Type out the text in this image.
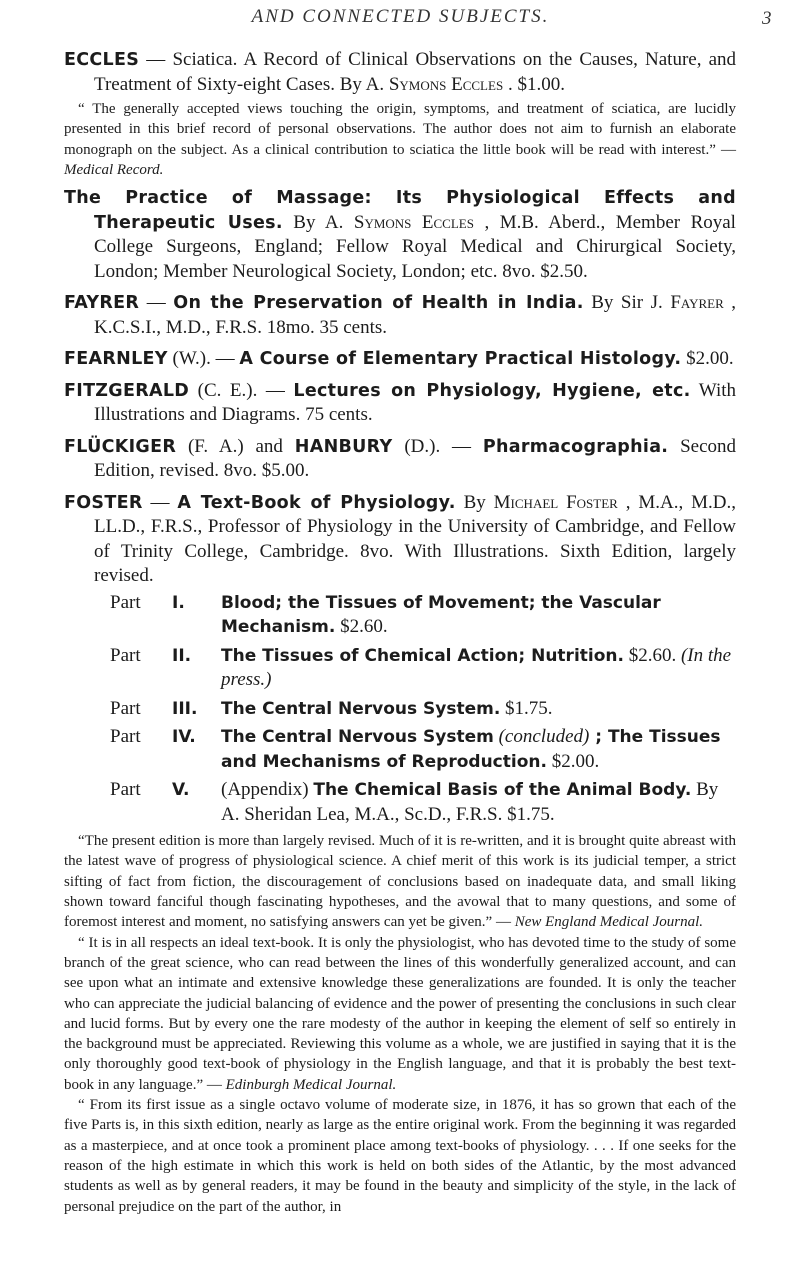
AND CONNECTED SUBJECTS.	3
ECCLES — Sciatica. A Record of Clinical Observations on the Causes, Nature, and Treatment of Sixty-eight Cases. By A. Symons Eccles . $1.00.

“ The generally accepted views touching the origin, symptoms, and treatment of sciatica, are lucidly presented in this brief record of personal observations. The author does not aim to furnish an elaborate monograph on the subject. As a clinical contribution to sciatica the little book will be read with interest.” — Medical Record.

The Practice of Massage: Its Physiological Effects and Therapeutic Uses. By A. Symons Eccles , M.B. Aberd., Member Royal College Surgeons, England; Fellow Royal Medical and Chirurgical Society, London; Member Neurological Society, London; etc. 8vo. $2.50.
FAYRER — On the Preservation of Health in India. By Sir J. Fayrer , K.C.S.I., M.D., F.R.S. 18mo. 35 cents.
FEARNLEY (W.). — A Course of Elementary Practical Histology. $2.00.
FITZGERALD (C. E.). — Lectures on Physiology, Hygiene, etc. With Illustrations and Diagrams. 75 cents.
FLÜCKIGER (F. A.) and HANBURY (D.). — Pharmacographia. Second Edition, revised. 8vo. $5.00.
FOSTER — A Text-Book of Physiology. By Michael Foster , M.A., M.D., LL.D., F.R.S., Professor of Physiology in the University of Cambridge, and Fellow of Trinity College, Cambridge. 8vo. With Illustrations. Sixth Edition, largely revised.
Part	I.	Blood; the Tissues of Movement; the Vascular Mechanism. $2.60.
Part	II.	The Tissues of Chemical Action; Nutrition. $2.60. (In the press.)
Part	III.	The Central Nervous System. $1.75.
Part	IV.	The Central Nervous System (concluded) ; The Tissues and Mechanisms of Reproduction. $2.00.
Part	V.	(Appendix) The Chemical Basis of the Animal Body. By A. Sheridan Lea, M.A., Sc.D., F.R.S. $1.75.

“The present edition is more than largely revised. Much of it is re-written, and it is brought quite abreast with the latest wave of progress of physiological science. A chief merit of this work is its judicial temper, a strict sifting of fact from fiction, the discouragement of conclusions based on inadequate data, and small liking shown toward fanciful though fascinating hypotheses, and the avowal that to many questions, and some of foremost interest and moment, no satisfying answers can yet be given.” — New England Medical Journal.

“ It is in all respects an ideal text-book. It is only the physiologist, who has devoted time to the study of some branch of the great science, who can read between the lines of this wonderfully generalized account, and can see upon what an intimate and extensive knowledge these generalizations are founded. It is only the teacher who can appreciate the judicial balancing of evidence and the power of presenting the conclusions in such clear and lucid forms. But by every one the rare modesty of the author in keeping the element of self so entirely in the background must be appreciated. Reviewing this volume as a whole, we are justified in saying that it is the only thoroughly good text-book of physiology in the English language, and that it is probably the best text-book in any language.” — Edinburgh Medical Journal.

“ From its first issue as a single octavo volume of moderate size, in 1876, it has so grown that each of the five Parts is, in this sixth edition, nearly as large as the entire original work. From the beginning it was regarded as a masterpiece, and at once took a prominent place among text-books of physiology. . . . If one seeks for the reason of the high estimate in which this work is held on both sides of the Atlantic, by the most advanced students as well as by general readers, it may be found in the beauty and simplicity of the style, in the lack of personal prejudice on the part of the author, in
